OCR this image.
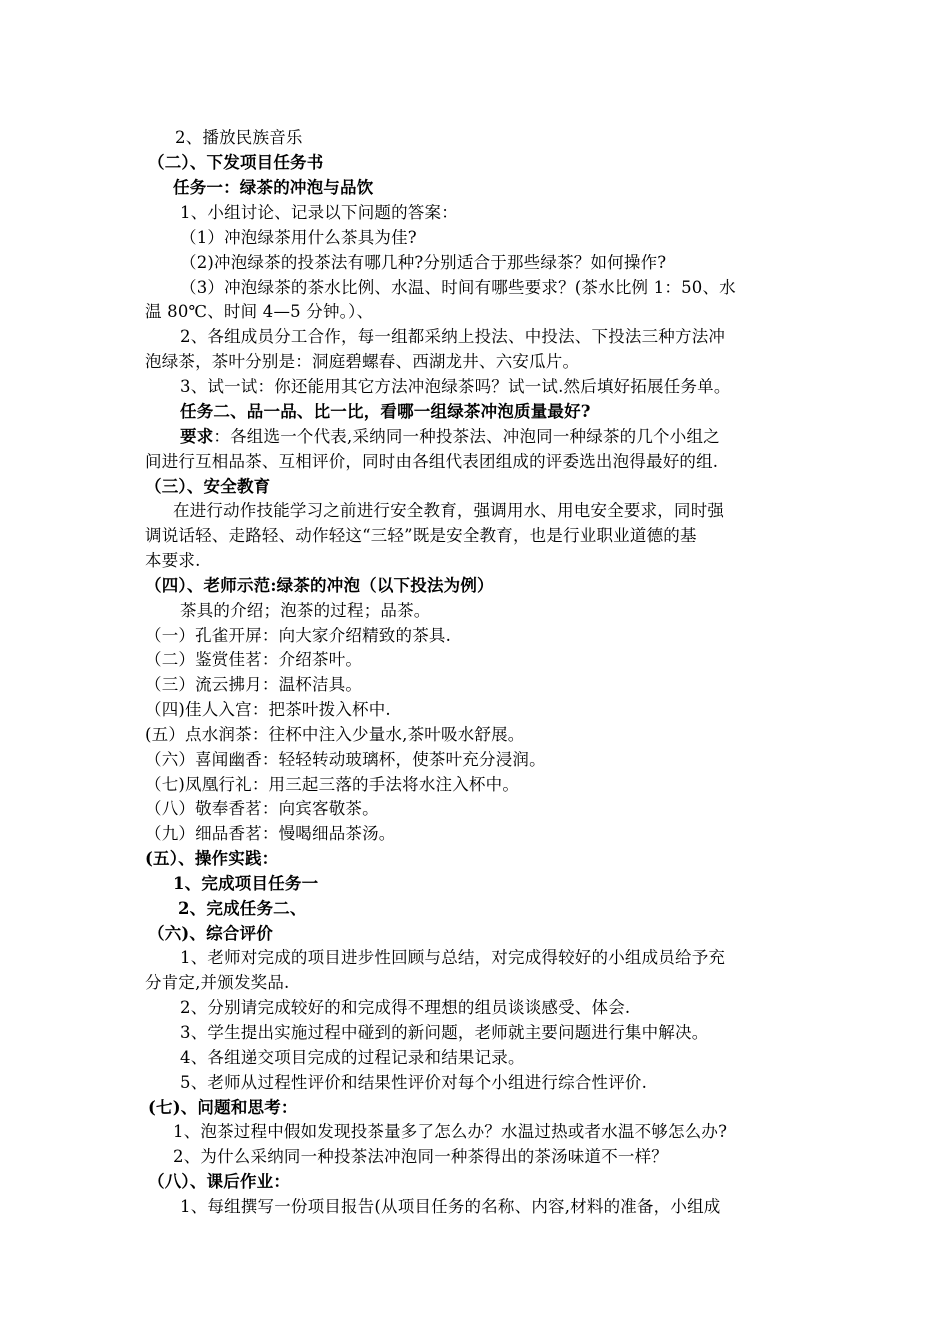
2、播放民族音乐
（二）、下发项目任务书
任务一：绿茶的冲泡与品饮
1、小组讨论、记录以下问题的答案：
（1）冲泡绿茶用什么茶具为佳?
（2)冲泡绿茶的投茶法有哪几种?分别适合于那些绿茶？如何操作?
（3）冲泡绿茶的茶水比例、水温、时间有哪些要求？(茶水比例 1：50、水
温 80℃、时间 4—5 分钟。）、
2、各组成员分工合作，每一组都采纳上投法、中投法、下投法三种方法冲
泡绿茶，茶叶分别是：洞庭碧螺春、西湖龙井、六安瓜片。
3、试一试：你还能用其它方法冲泡绿茶吗？试一试.然后填好拓展任务单。
任务二、品一品、比一比，看哪一组绿茶冲泡质量最好?
要求：各组选一个代表,采纳同一种投茶法、冲泡同一种绿茶的几个小组之
间进行互相品茶、互相评价，同时由各组代表团组成的评委选出泡得最好的组.
（三）、安全教育
在进行动作技能学习之前进行安全教育，强调用水、用电安全要求，同时强
调说话轻、走路轻、动作轻这“三轻”既是安全教育，也是行业职业道德的基
本要求.
（四）、老师示范:绿茶的冲泡（以下投法为例）
茶具的介绍；泡茶的过程；品茶。
（一）孔雀开屏：向大家介绍精致的茶具.
（二）鉴赏佳茗：介绍茶叶。
（三）流云拂月：温杯洁具。
（四)佳人入宫：把茶叶拨入杯中.
(五）点水润茶：往杯中注入少量水,茶叶吸水舒展。
（六）喜闻幽香：轻轻转动玻璃杯，使茶叶充分浸润。
（七)凤凰行礼：用三起三落的手法将水注入杯中。
（八）敬奉香茗：向宾客敬茶。
（九）细品香茗：慢喝细品茶汤。
(五）、操作实践：
1、完成项目任务一
2、完成任务二、
（六)、综合评价
1、老师对完成的项目进步性回顾与总结，对完成得较好的小组成员给予充
分肯定,并颁发奖品.
2、分别请完成较好的和完成得不理想的组员谈谈感受、体会.
3、学生提出实施过程中碰到的新问题，老师就主要问题进行集中解决。
4、各组递交项目完成的过程记录和结果记录。
5、老师从过程性评价和结果性评价对每个小组进行综合性评价.
(七)、问题和思考：
1、泡茶过程中假如发现投茶量多了怎么办？水温过热或者水温不够怎么办?
2、为什么采纳同一种投茶法冲泡同一种茶得出的茶汤味道不一样？
（八）、课后作业：
1、每组撰写一份项目报告(从项目任务的名称、内容,材料的准备，小组成
